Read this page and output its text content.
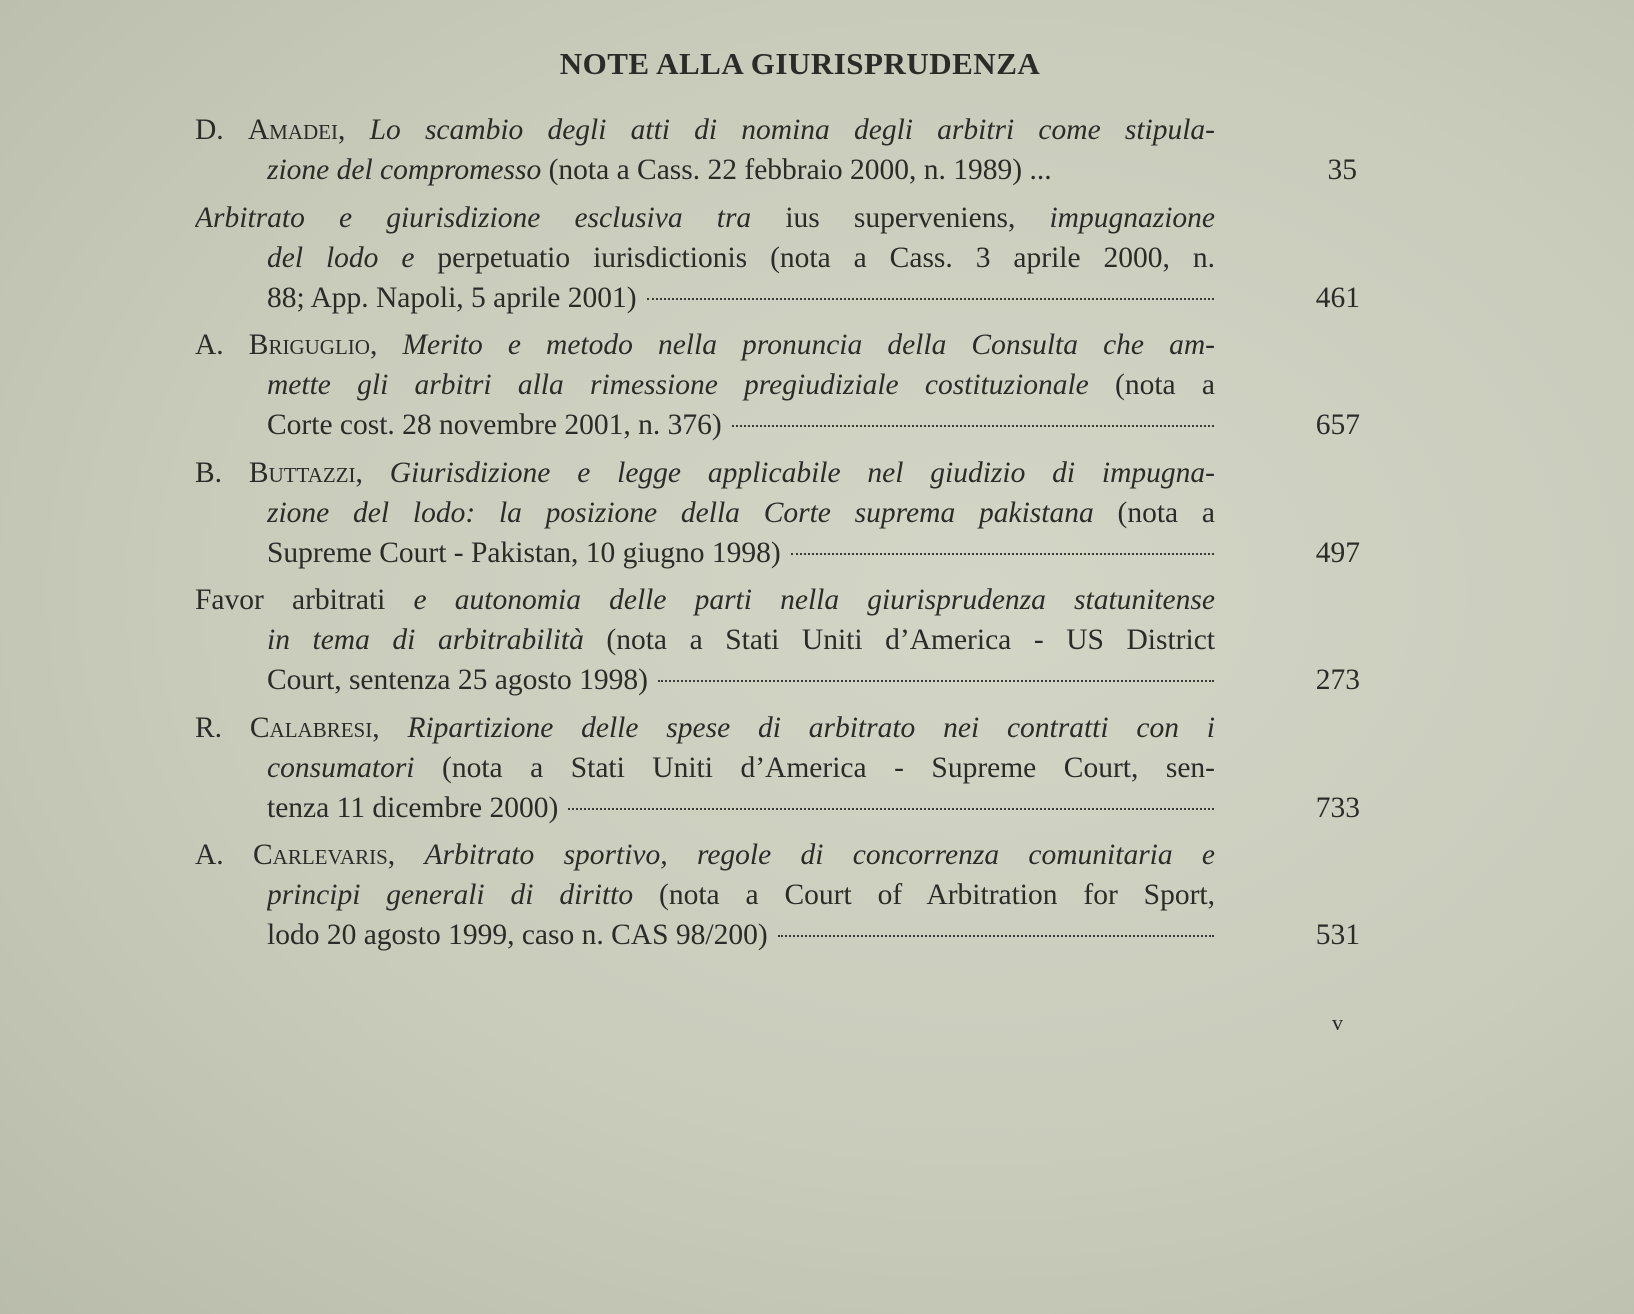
NOTE ALLA GIURISPRUDENZA
D. Amadei, Lo scambio degli atti di nomina degli arbitri come stipula-
zione del compromesso (nota a Cass. 22 febbraio 2000, n. 1989) ...	35
Arbitrato e giurisdizione esclusiva tra ius superveniens, impugnazione
del lodo e perpetuatio iurisdictionis (nota a Cass. 3 aprile 2000, n.
88; App. Napoli, 5 aprile 2001)	461
A. Briguglio, Merito e metodo nella pronuncia della Consulta che am-
mette gli arbitri alla rimessione pregiudiziale costituzionale (nota a
Corte cost. 28 novembre 2001, n. 376)	657
B. Buttazzi, Giurisdizione e legge applicabile nel giudizio di impugna-
zione del lodo: la posizione della Corte suprema pakistana (nota a
Supreme Court - Pakistan, 10 giugno 1998)	497
Favor arbitrati e autonomia delle parti nella giurisprudenza statunitense
in tema di arbitrabilità (nota a Stati Uniti d’America - US District
Court, sentenza 25 agosto 1998)	273
R. Calabresi, Ripartizione delle spese di arbitrato nei contratti con i
consumatori (nota a Stati Uniti d’America - Supreme Court, sen-
tenza 11 dicembre 2000)	733
A. Carlevaris, Arbitrato sportivo, regole di concorrenza comunitaria e
principi generali di diritto (nota a Court of Arbitration for Sport,
lodo 20 agosto 1999, caso n. CAS 98/200)	531
v
